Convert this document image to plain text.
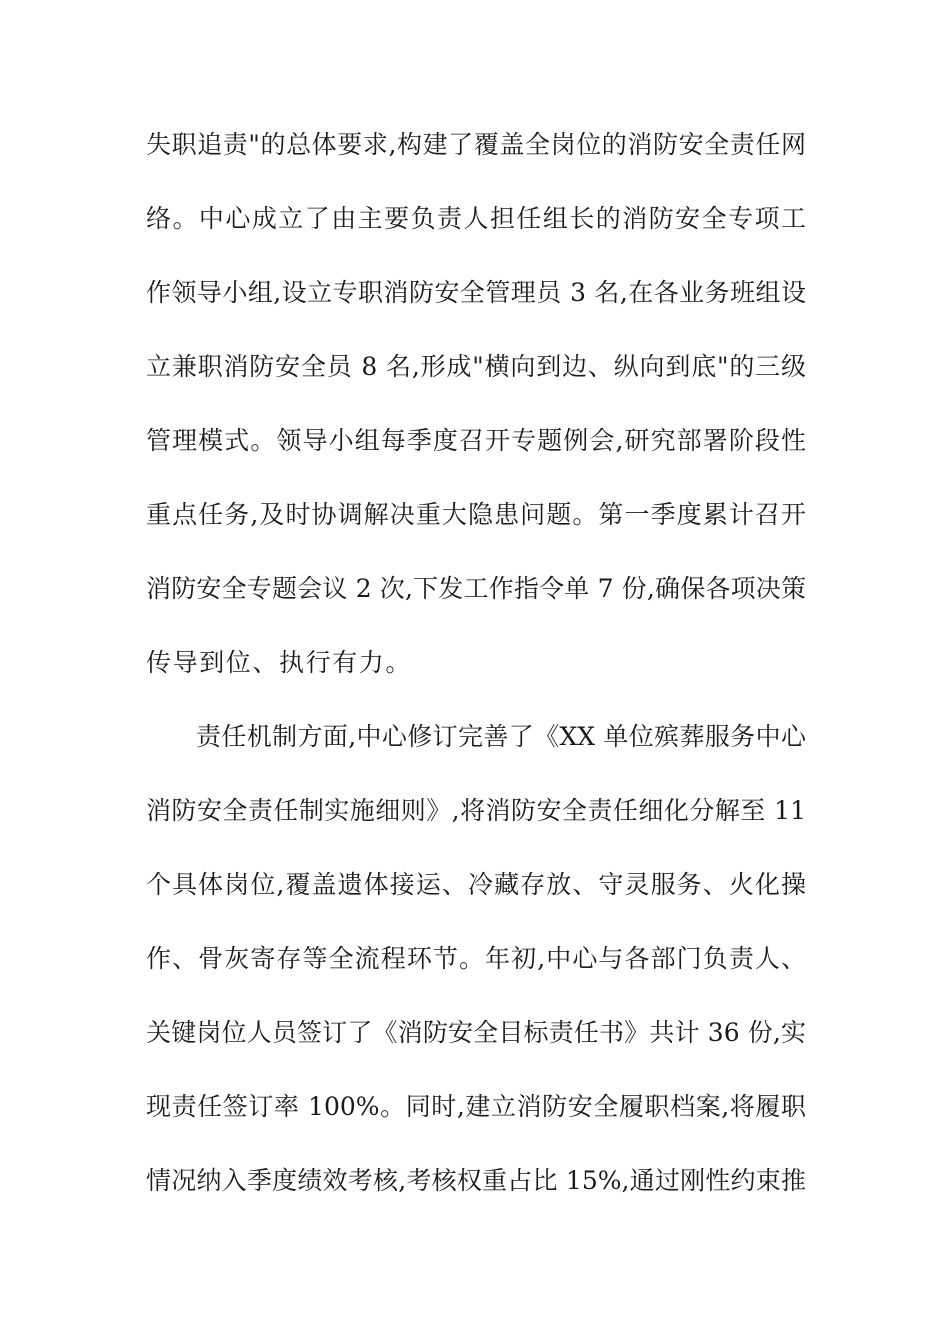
失职追责"的总体要求,构建了覆盖全岗位的消防安全责任网
络。中心成立了由主要负责人担任组长的消防安全专项工
作领导小组,设立专职消防安全管理员 3 名,在各业务班组设
立兼职消防安全员 8 名,形成"横向到边、纵向到底"的三级
管理模式。领导小组每季度召开专题例会,研究部署阶段性
重点任务,及时协调解决重大隐患问题。第一季度累计召开
消防安全专题会议 2 次,下发工作指令单 7 份,确保各项决策
传导到位、执行有力。
责任机制方面,中心修订完善了《XX 单位殡葬服务中心
消防安全责任制实施细则》,将消防安全责任细化分解至 11
个具体岗位,覆盖遗体接运、冷藏存放、守灵服务、火化操
作、骨灰寄存等全流程环节。年初,中心与各部门负责人、
关键岗位人员签订了《消防安全目标责任书》共计 36 份,实
现责任签订率 100%。同时,建立消防安全履职档案,将履职
情况纳入季度绩效考核,考核权重占比 15%,通过刚性约束推
